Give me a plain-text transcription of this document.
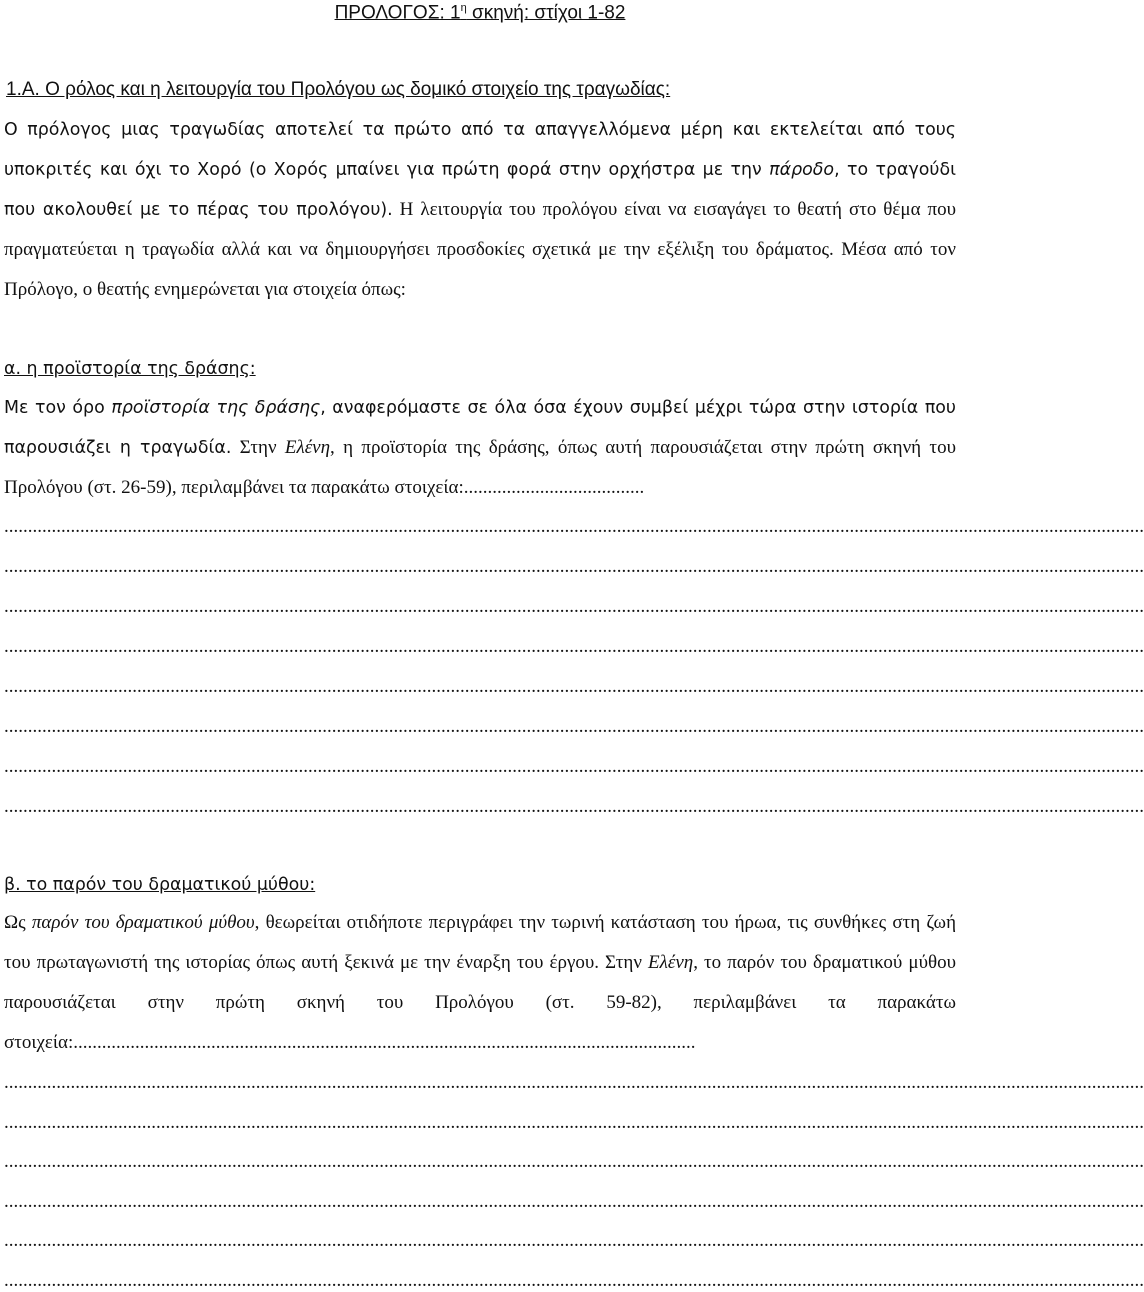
ΠΡΟΛΟΓΟΣ: $1^\eta$ σκηνή: στίχοι 1-82
1.Α. Ο ρόλος και η λειτουργία του Προλόγου ως δομικό στοιχείο της τραγωδίας:

Ο πρόλογος μιας τραγωδίας αποτελεί τα πρώτο από τα απαγγελλόμενα μέρη και εκτελείται από τους υποκριτές και όχι το Χορό (ο Χορός μπαίνει για πρώτη φορά στην ορχήστρα με την πάροδο, το τραγούδι που ακολουθεί με το πέρας του προλόγου). Η λειτουργία του προλόγου είναι να εισαγάγει το θεατή στο θέμα που πραγματεύεται η τραγωδία αλλά και να δημιουργήσει προσδοκίες σχετικά με την εξέλιξη του δράματος. Μέσα από τον Πρόλογο, ο θεατής ενημερώνεται για στοιχεία όπως:

α. η προϊστορία της δράσης:

Με τον όρο προϊστορία της δράσης, αναφερόμαστε σε όλα όσα έχουν συμβεί μέχρι τώρα στην ιστορία που παρουσιάζει η τραγωδία. Στην Ελένη, η προϊστορία της δράσης, όπως αυτή παρουσιάζεται στην πρώτη σκηνή του Προλόγου (στ. 26-59), περιλαμβάνει τα παρακάτω στοιχεία:......................................

................................................................................................................................................................................................................................................
................................................................................................................................................................................................................................................
................................................................................................................................................................................................................................................
................................................................................................................................................................................................................................................
................................................................................................................................................................................................................................................
................................................................................................................................................................................................................................................
................................................................................................................................................................................................................................................
................................................................................................................................................................................................................................................
β. το παρόν του δραματικού μύθου:

Ως παρόν του δραματικού μύθου, θεωρείται οτιδήποτε περιγράφει την τωρινή κατάσταση του ήρωα, τις συνθήκες στη ζωή του πρωταγωνιστή της ιστορίας όπως αυτή ξεκινά με την έναρξη του έργου. Στην Ελένη, το παρόν του δραματικού μύθου παρουσιάζεται στην πρώτη σκηνή του Προλόγου (στ. 59-82), περιλαμβάνει τα παρακάτω στοιχεία:...................................................................................................................................

................................................................................................................................................................................................................................................
................................................................................................................................................................................................................................................
................................................................................................................................................................................................................................................
................................................................................................................................................................................................................................................
................................................................................................................................................................................................................................................
................................................................................................................................................................................................................................................
